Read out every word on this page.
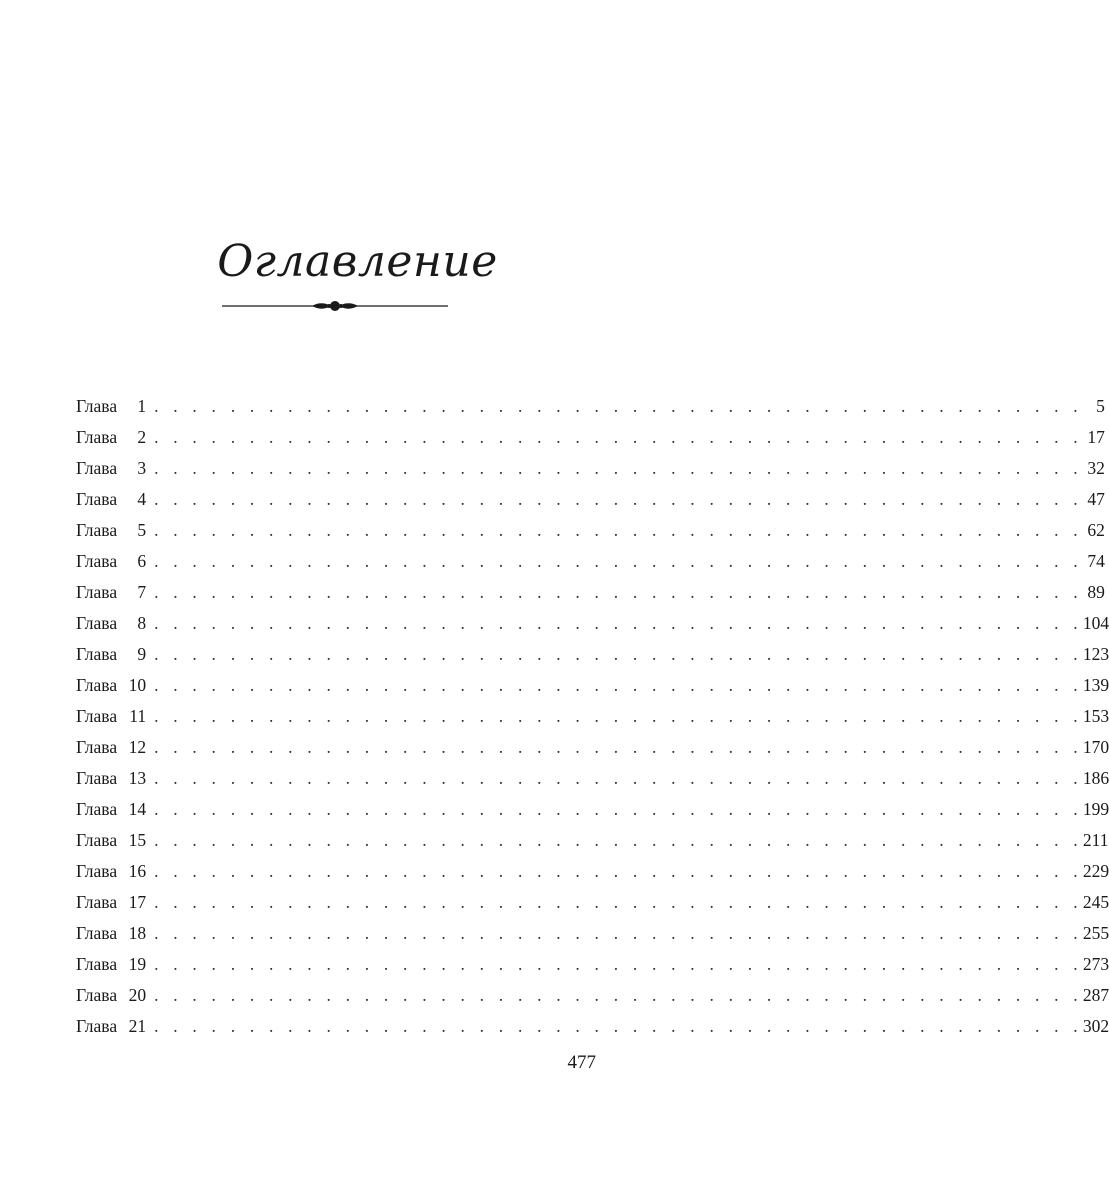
Оглавление
Глава 1 . . . . . . . . . . . . . . . . . . . . . . . . . . . . . . . . . . . . . . . . . . . . . . . . . 5
Глава 2 . . . . . . . . . . . . . . . . . . . . . . . . . . . . . . . . . . . . . . . . . . . . . . . . . 17
Глава 3 . . . . . . . . . . . . . . . . . . . . . . . . . . . . . . . . . . . . . . . . . . . . . . . . . 32
Глава 4 . . . . . . . . . . . . . . . . . . . . . . . . . . . . . . . . . . . . . . . . . . . . . . . . . 47
Глава 5 . . . . . . . . . . . . . . . . . . . . . . . . . . . . . . . . . . . . . . . . . . . . . . . . . 62
Глава 6 . . . . . . . . . . . . . . . . . . . . . . . . . . . . . . . . . . . . . . . . . . . . . . . . . 74
Глава 7 . . . . . . . . . . . . . . . . . . . . . . . . . . . . . . . . . . . . . . . . . . . . . . . . . 89
Глава 8 . . . . . . . . . . . . . . . . . . . . . . . . . . . . . . . . . . . . . . . . . . . . . . . . . 104
Глава 9 . . . . . . . . . . . . . . . . . . . . . . . . . . . . . . . . . . . . . . . . . . . . . . . . . 123
Глава 10 . . . . . . . . . . . . . . . . . . . . . . . . . . . . . . . . . . . . . . . . . . . . . . . . . 139
Глава 11 . . . . . . . . . . . . . . . . . . . . . . . . . . . . . . . . . . . . . . . . . . . . . . . . . 153
Глава 12 . . . . . . . . . . . . . . . . . . . . . . . . . . . . . . . . . . . . . . . . . . . . . . . . . 170
Глава 13 . . . . . . . . . . . . . . . . . . . . . . . . . . . . . . . . . . . . . . . . . . . . . . . . . 186
Глава 14 . . . . . . . . . . . . . . . . . . . . . . . . . . . . . . . . . . . . . . . . . . . . . . . . . 199
Глава 15 . . . . . . . . . . . . . . . . . . . . . . . . . . . . . . . . . . . . . . . . . . . . . . . . . 211
Глава 16 . . . . . . . . . . . . . . . . . . . . . . . . . . . . . . . . . . . . . . . . . . . . . . . . . 229
Глава 17 . . . . . . . . . . . . . . . . . . . . . . . . . . . . . . . . . . . . . . . . . . . . . . . . . 245
Глава 18 . . . . . . . . . . . . . . . . . . . . . . . . . . . . . . . . . . . . . . . . . . . . . . . . . 255
Глава 19 . . . . . . . . . . . . . . . . . . . . . . . . . . . . . . . . . . . . . . . . . . . . . . . . . 273
Глава 20 . . . . . . . . . . . . . . . . . . . . . . . . . . . . . . . . . . . . . . . . . . . . . . . . . 287
Глава 21 . . . . . . . . . . . . . . . . . . . . . . . . . . . . . . . . . . . . . . . . . . . . . . . . . 302
477
